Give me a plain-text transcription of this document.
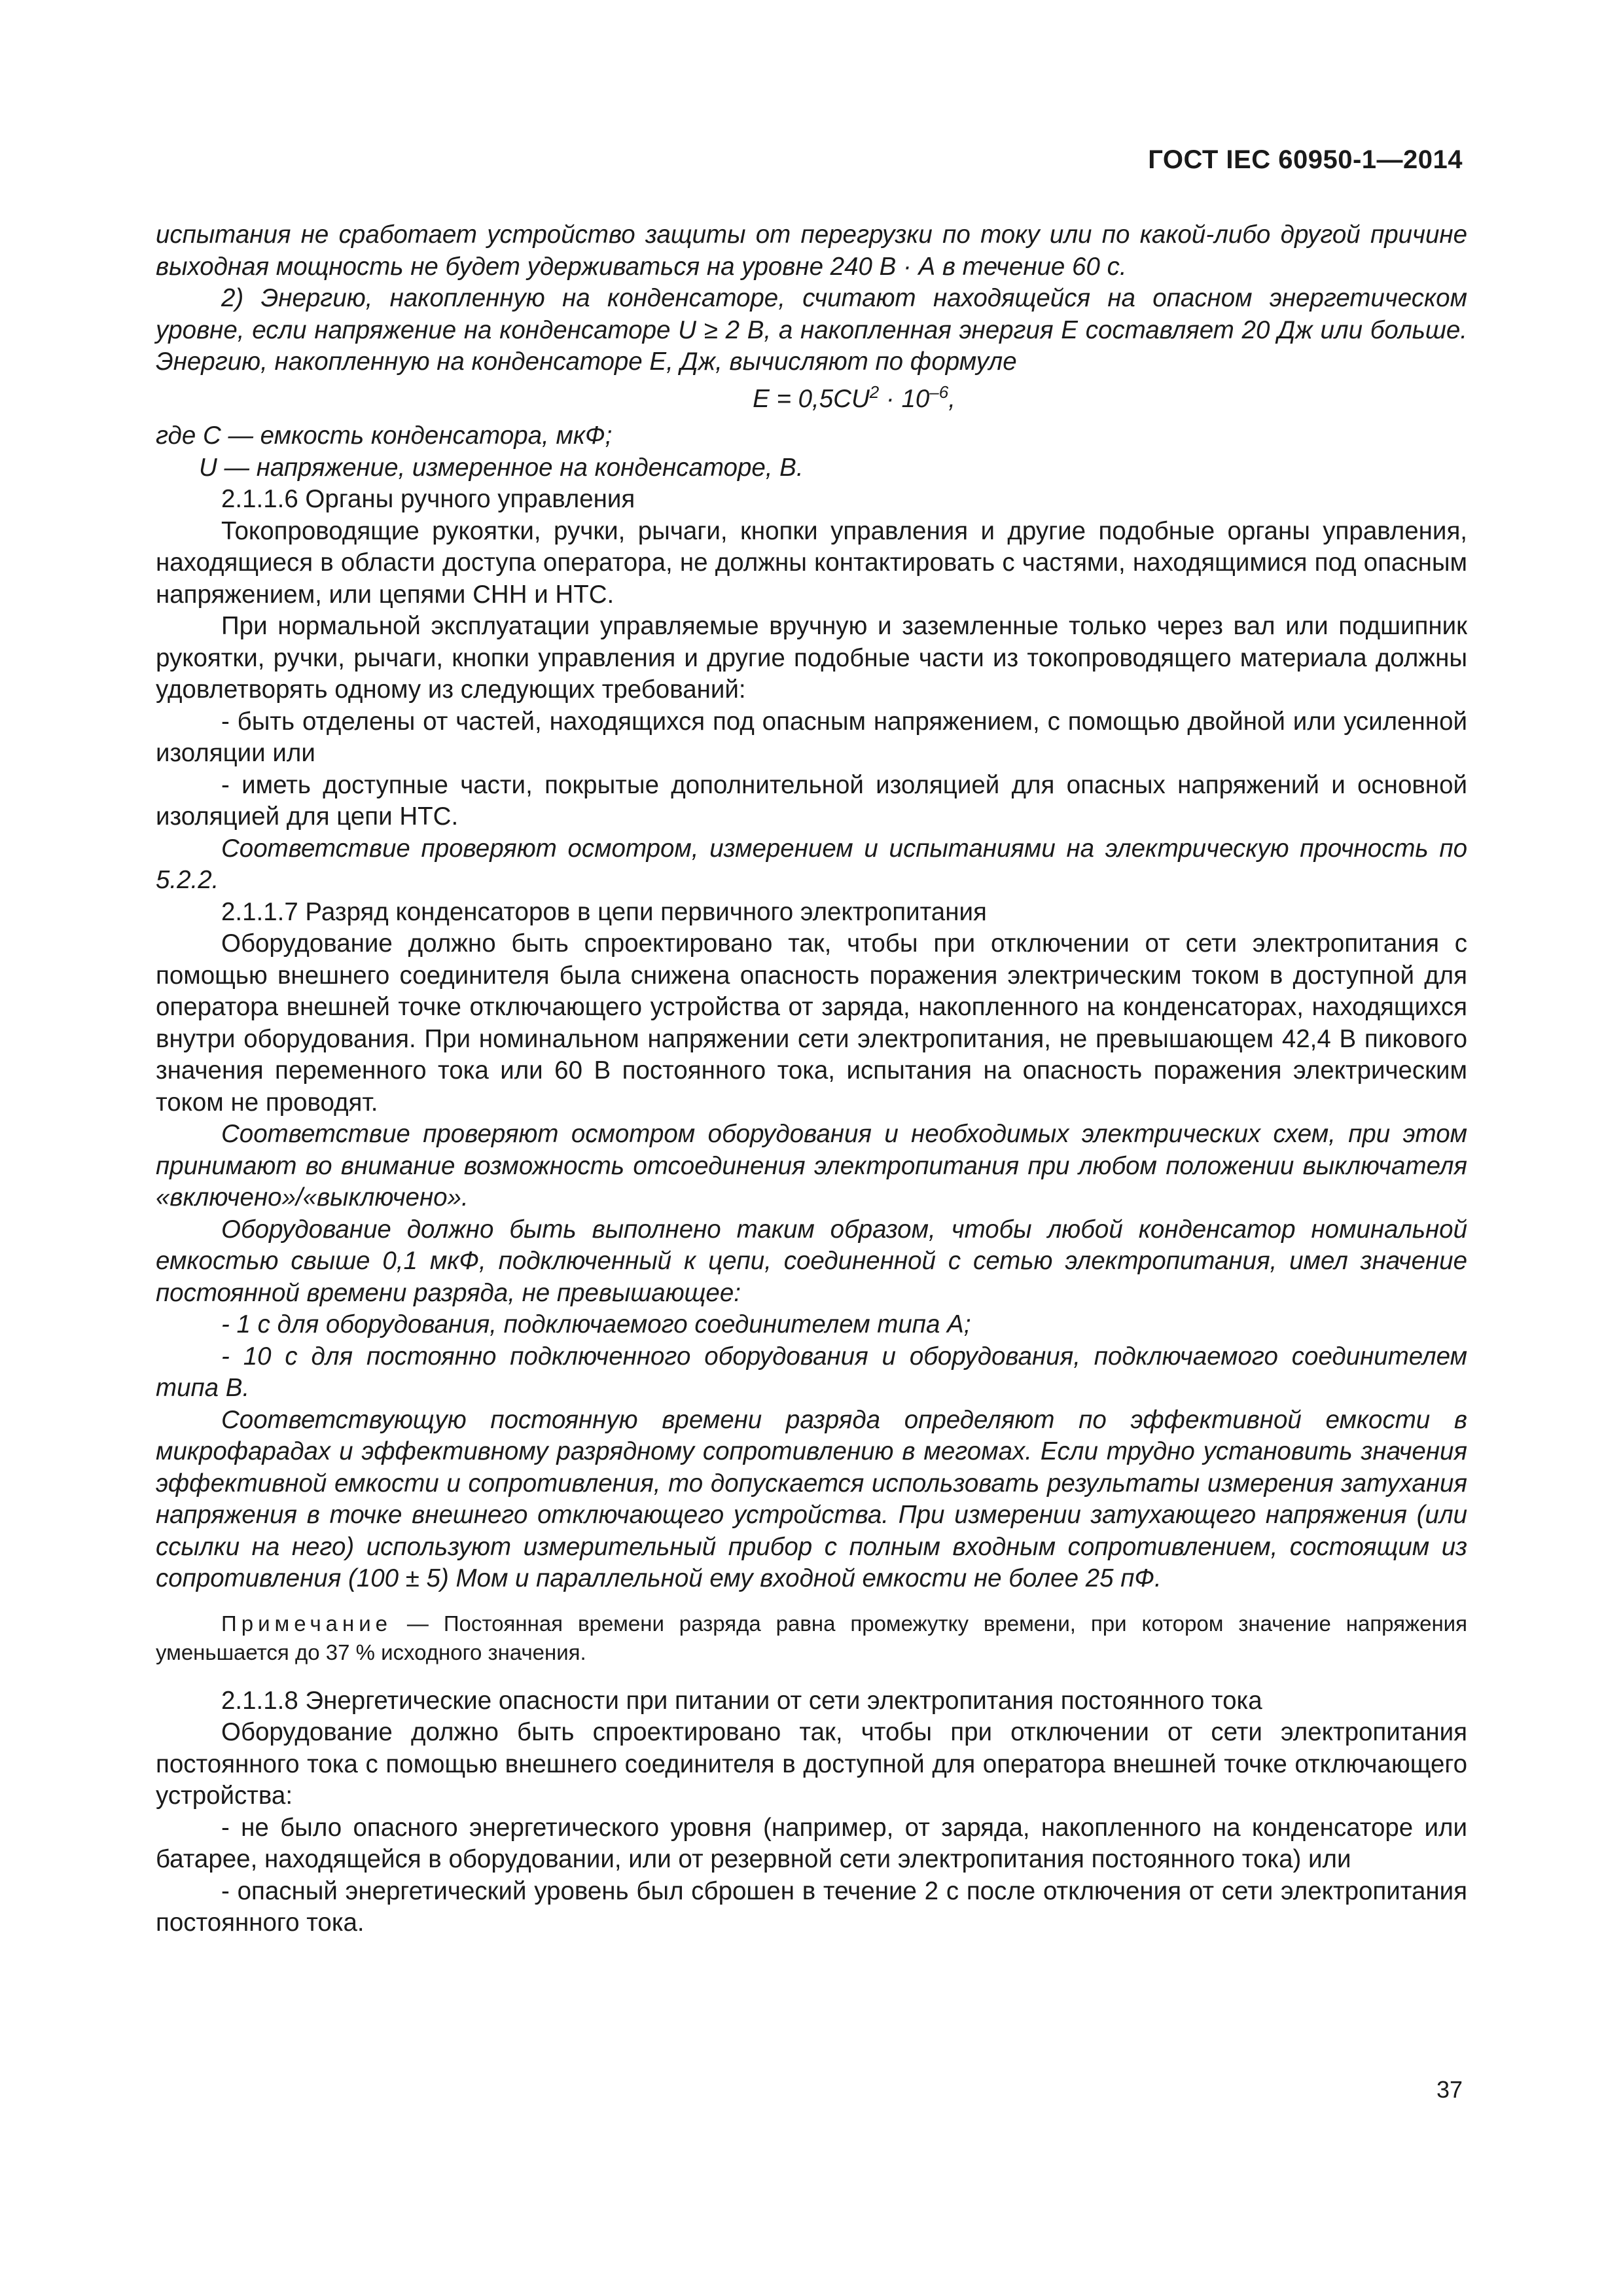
ГОСТ IEC 60950-1—2014

испытания не сработает устройство защиты от перегрузки по току или по какой-либо другой причине выходная мощность не будет удерживаться на уровне 240 В · А в течение 60 с.

2) Энергию, накопленную на конденсаторе, считают находящейся на опасном энергетическом уровне, если напряжение на конденсаторе U ≥ 2 В, а накопленная энергия E составляет 20 Дж или больше. Энергию, накопленную на конденсаторе E, Дж, вычисляют по формуле

$E = 0,5CU^2 \cdot 10^{-6}$,

где C — емкость конденсатора, мкФ;

U — напряжение, измеренное на конденсаторе, В.

2.1.1.6 Органы ручного управления

Токопроводящие рукоятки, ручки, рычаги, кнопки управления и другие подобные органы управления, находящиеся в области доступа оператора, не должны контактировать с частями, находящимися под опасным напряжением, или цепями СНН и НТС.

При нормальной эксплуатации управляемые вручную и заземленные только через вал или подшипник рукоятки, ручки, рычаги, кнопки управления и другие подобные части из токопроводящего материала должны удовлетворять одному из следующих требований:

- быть отделены от частей, находящихся под опасным напряжением, с помощью двойной или усиленной изоляции или

- иметь доступные части, покрытые дополнительной изоляцией для опасных напряжений и основной изоляцией для цепи НТС.

Соответствие проверяют осмотром, измерением и испытаниями на электрическую прочность по 5.2.2.

2.1.1.7 Разряд конденсаторов в цепи первичного электропитания

Оборудование должно быть спроектировано так, чтобы при отключении от сети электропитания с помощью внешнего соединителя была снижена опасность поражения электрическим током в доступной для оператора внешней точке отключающего устройства от заряда, накопленного на конденсаторах, находящихся внутри оборудования. При номинальном напряжении сети электропитания, не превышающем 42,4 В пикового значения переменного тока или 60 В постоянного тока, испытания на опасность поражения электрическим током не проводят.

Соответствие проверяют осмотром оборудования и необходимых электрических схем, при этом принимают во внимание возможность отсоединения электропитания при любом положении выключателя «включено»/«выключено».

Оборудование должно быть выполнено таким образом, чтобы любой конденсатор номинальной емкостью свыше 0,1 мкФ, подключенный к цепи, соединенной с сетью электропитания, имел значение постоянной времени разряда, не превышающее:

- 1 с для оборудования, подключаемого соединителем типа А;

- 10 с для постоянно подключенного оборудования и оборудования, подключаемого соединителем типа В.

Соответствующую постоянную времени разряда определяют по эффективной емкости в микрофарадах и эффективному разрядному сопротивлению в мегомах. Если трудно установить значения эффективной емкости и сопротивления, то допускается использовать результаты измерения затухания напряжения в точке внешнего отключающего устройства. При измерении затухающего напряжения (или ссылки на него) используют измерительный прибор с полным входным сопротивлением, состоящим из сопротивления (100 ± 5) Мом и параллельной ему входной емкости не более 25 пФ.

Примечание — Постоянная времени разряда равна промежутку времени, при котором значение напряжения уменьшается до 37 % исходного значения.

2.1.1.8 Энергетические опасности при питании от сети электропитания постоянного тока

Оборудование должно быть спроектировано так, чтобы при отключении от сети электропитания постоянного тока с помощью внешнего соединителя в доступной для оператора внешней точке отключающего устройства:

- не было опасного энергетического уровня (например, от заряда, накопленного на конденсаторе или батарее, находящейся в оборудовании, или от резервной сети электропитания постоянного тока) или

- опасный энергетический уровень был сброшен в течение 2 с после отключения от сети электропитания постоянного тока.

37
